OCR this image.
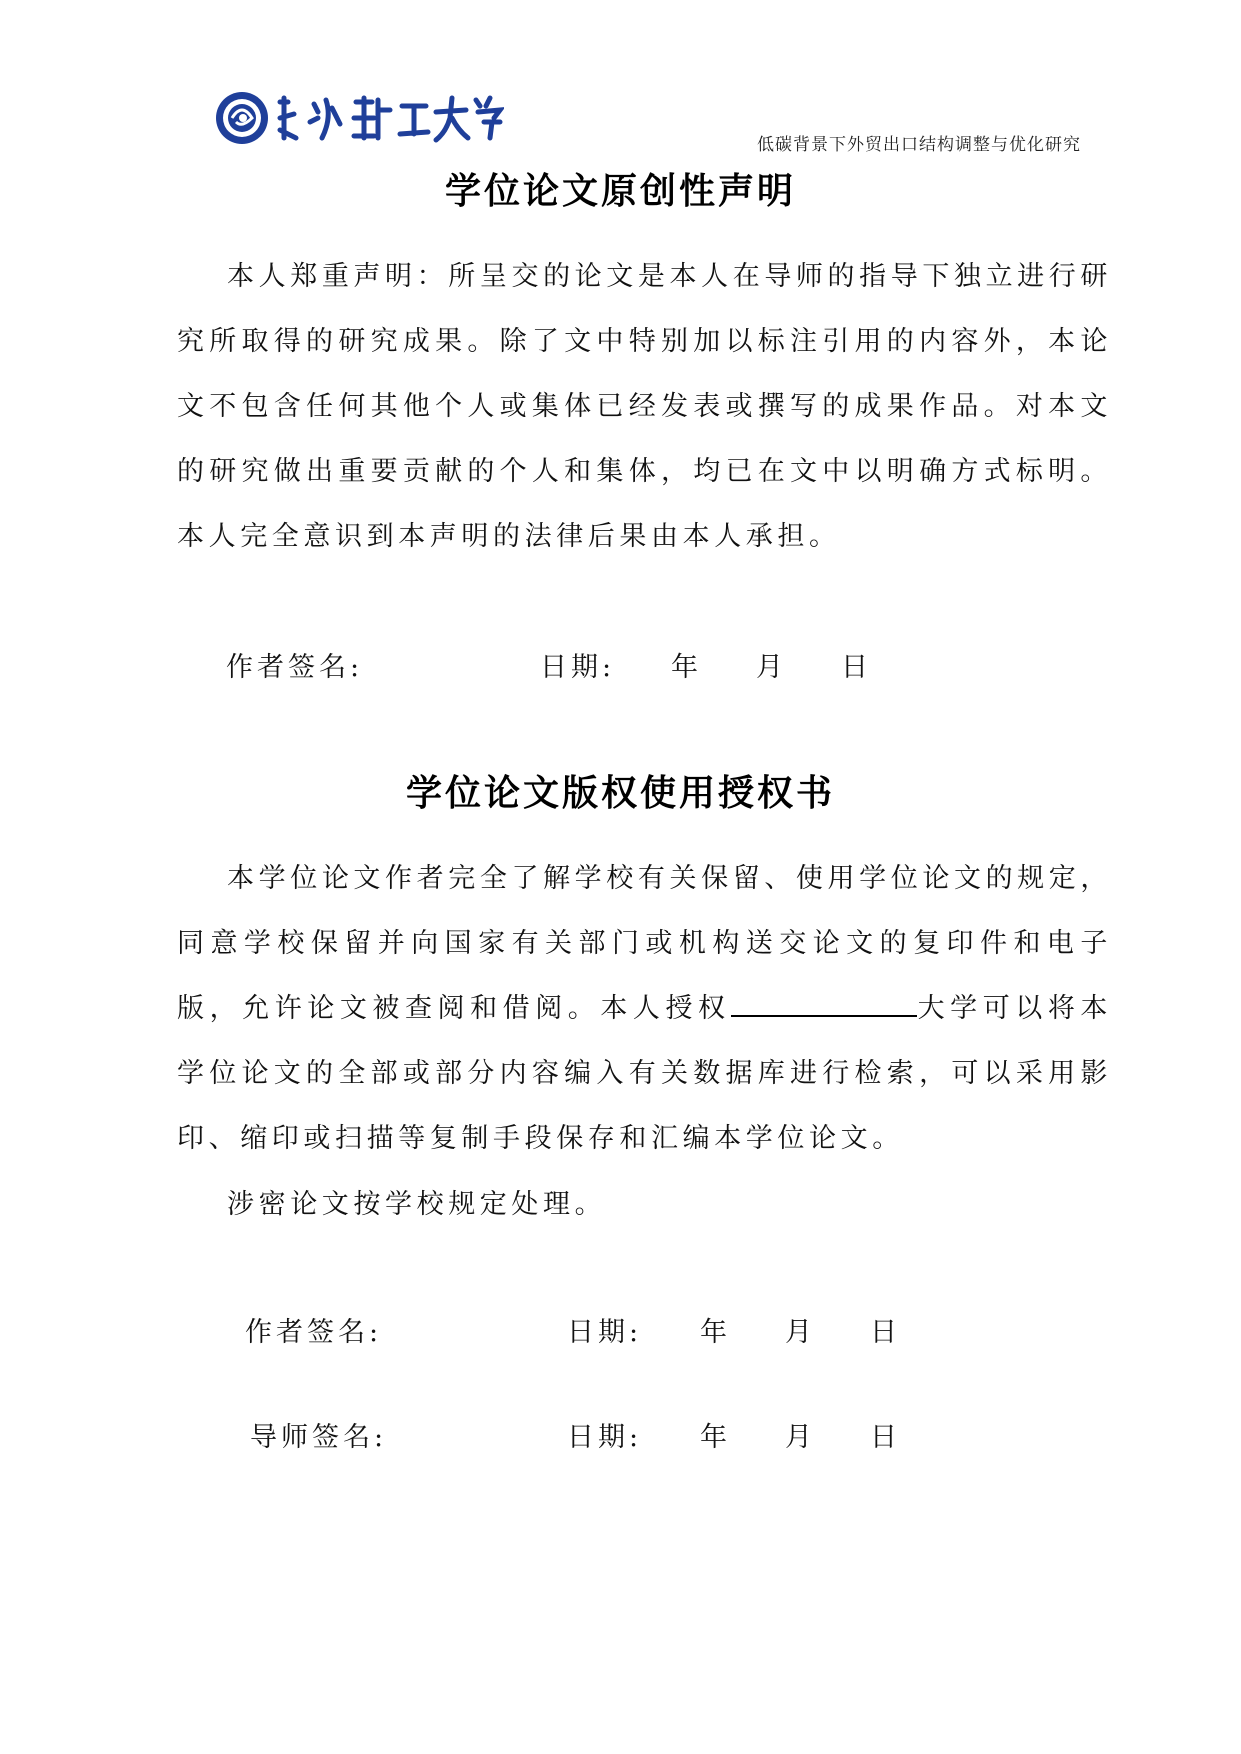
低碳背景下外贸出口结构调整与优化研究
学位论文原创性声明
本人郑重声明：所呈交的论文是本人在导师的指导下独立进行研究所取得的研究成果。除了文中特别加以标注引用的内容外，本论文不包含任何其他个人或集体已经发表或撰写的成果作品。对本文的研究做出重要贡献的个人和集体，均已在文中以明确方式标明。本人完全意识到本声明的法律后果由本人承担。
作者签名:	日期: 年 月 日
学位论文版权使用授权书
本学位论文作者完全了解学校有关保留、使用学位论文的规定，同意学校保留并向国家有关部门或机构送交论文的复印件和电子版，允许论文被查阅和借阅。本人授权	大学可以将本学位论文的全部或部分内容编入有关数据库进行检索，可以采用影印、缩印或扫描等复制手段保存和汇编本学位论文。
涉密论文按学校规定处理。
作者签名:	日期: 年 月 日
导师签名:	日期: 年 月 日
